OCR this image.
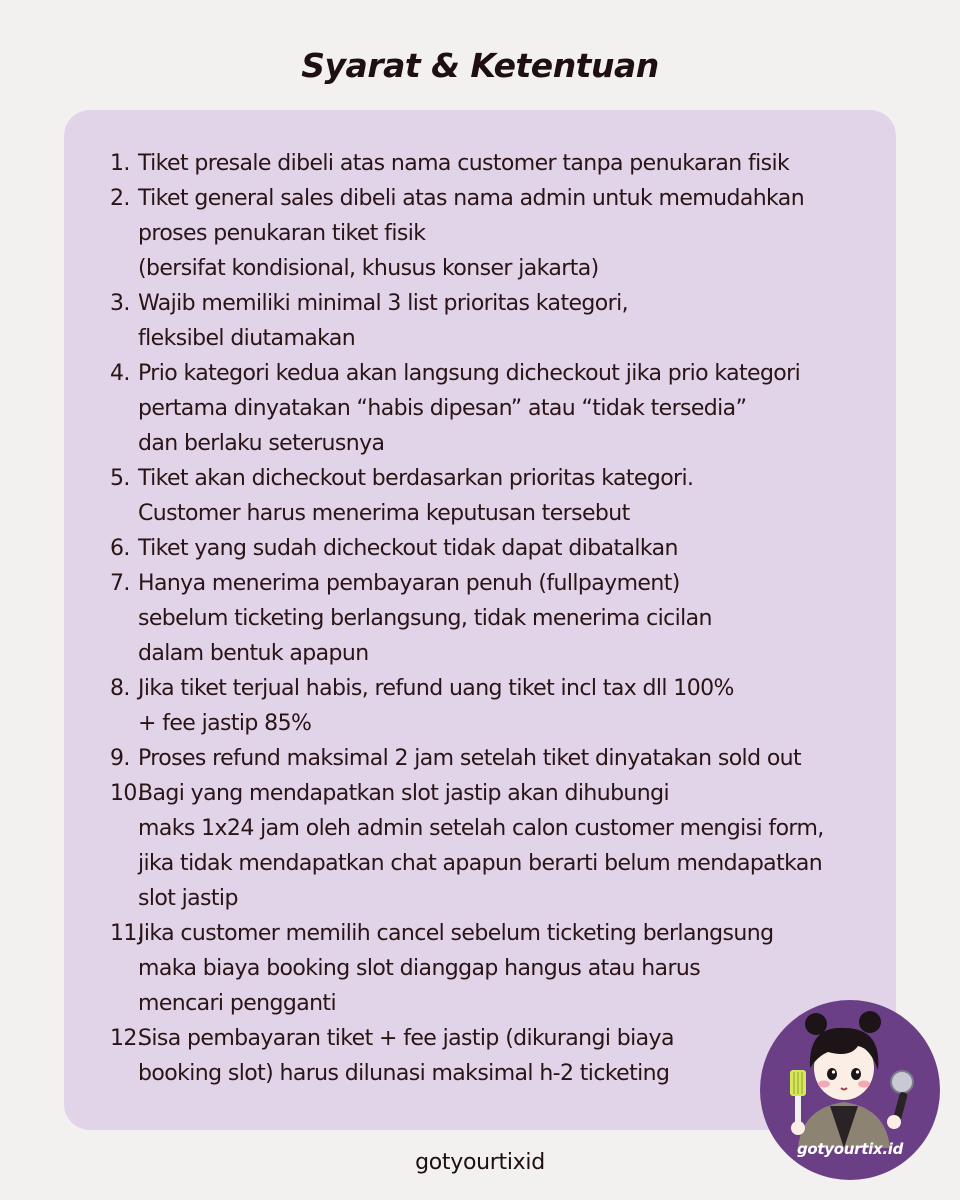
Syarat & Ketentuan
1. Tiket presale dibeli atas nama customer tanpa penukaran fisik
2. Tiket general sales dibeli atas nama admin untuk memudahkan
proses penukaran tiket fisik
(bersifat kondisional, khusus konser jakarta)
3. Wajib memiliki minimal 3 list prioritas kategori,
fleksibel diutamakan
4. Prio kategori kedua akan langsung dicheckout jika prio kategori
pertama dinyatakan “habis dipesan” atau “tidak tersedia”
dan berlaku seterusnya
5. Tiket akan dicheckout berdasarkan prioritas kategori.
Customer harus menerima keputusan tersebut
6. Tiket yang sudah dicheckout tidak dapat dibatalkan
7. Hanya menerima pembayaran penuh (fullpayment)
sebelum ticketing berlangsung, tidak menerima cicilan
dalam bentuk apapun
8. Jika tiket terjual habis, refund uang tiket incl tax dll 100%
+ fee jastip 85%
9. Proses refund maksimal 2 jam setelah tiket dinyatakan sold out
10.
Bagi yang mendapatkan slot jastip akan dihubungi
maks 1x24 jam oleh admin setelah calon customer mengisi form,
jika tidak mendapatkan chat apapun berarti belum mendapatkan
slot jastip
11.
Jika customer memilih cancel sebelum ticketing berlangsung
maka biaya booking slot dianggap hangus atau harus
mencari pengganti
12.
Sisa pembayaran tiket + fee jastip (dikurangi biaya
booking slot) harus dilunasi maksimal h-2 ticketing
gotyourtixid
gotyourtix.id
